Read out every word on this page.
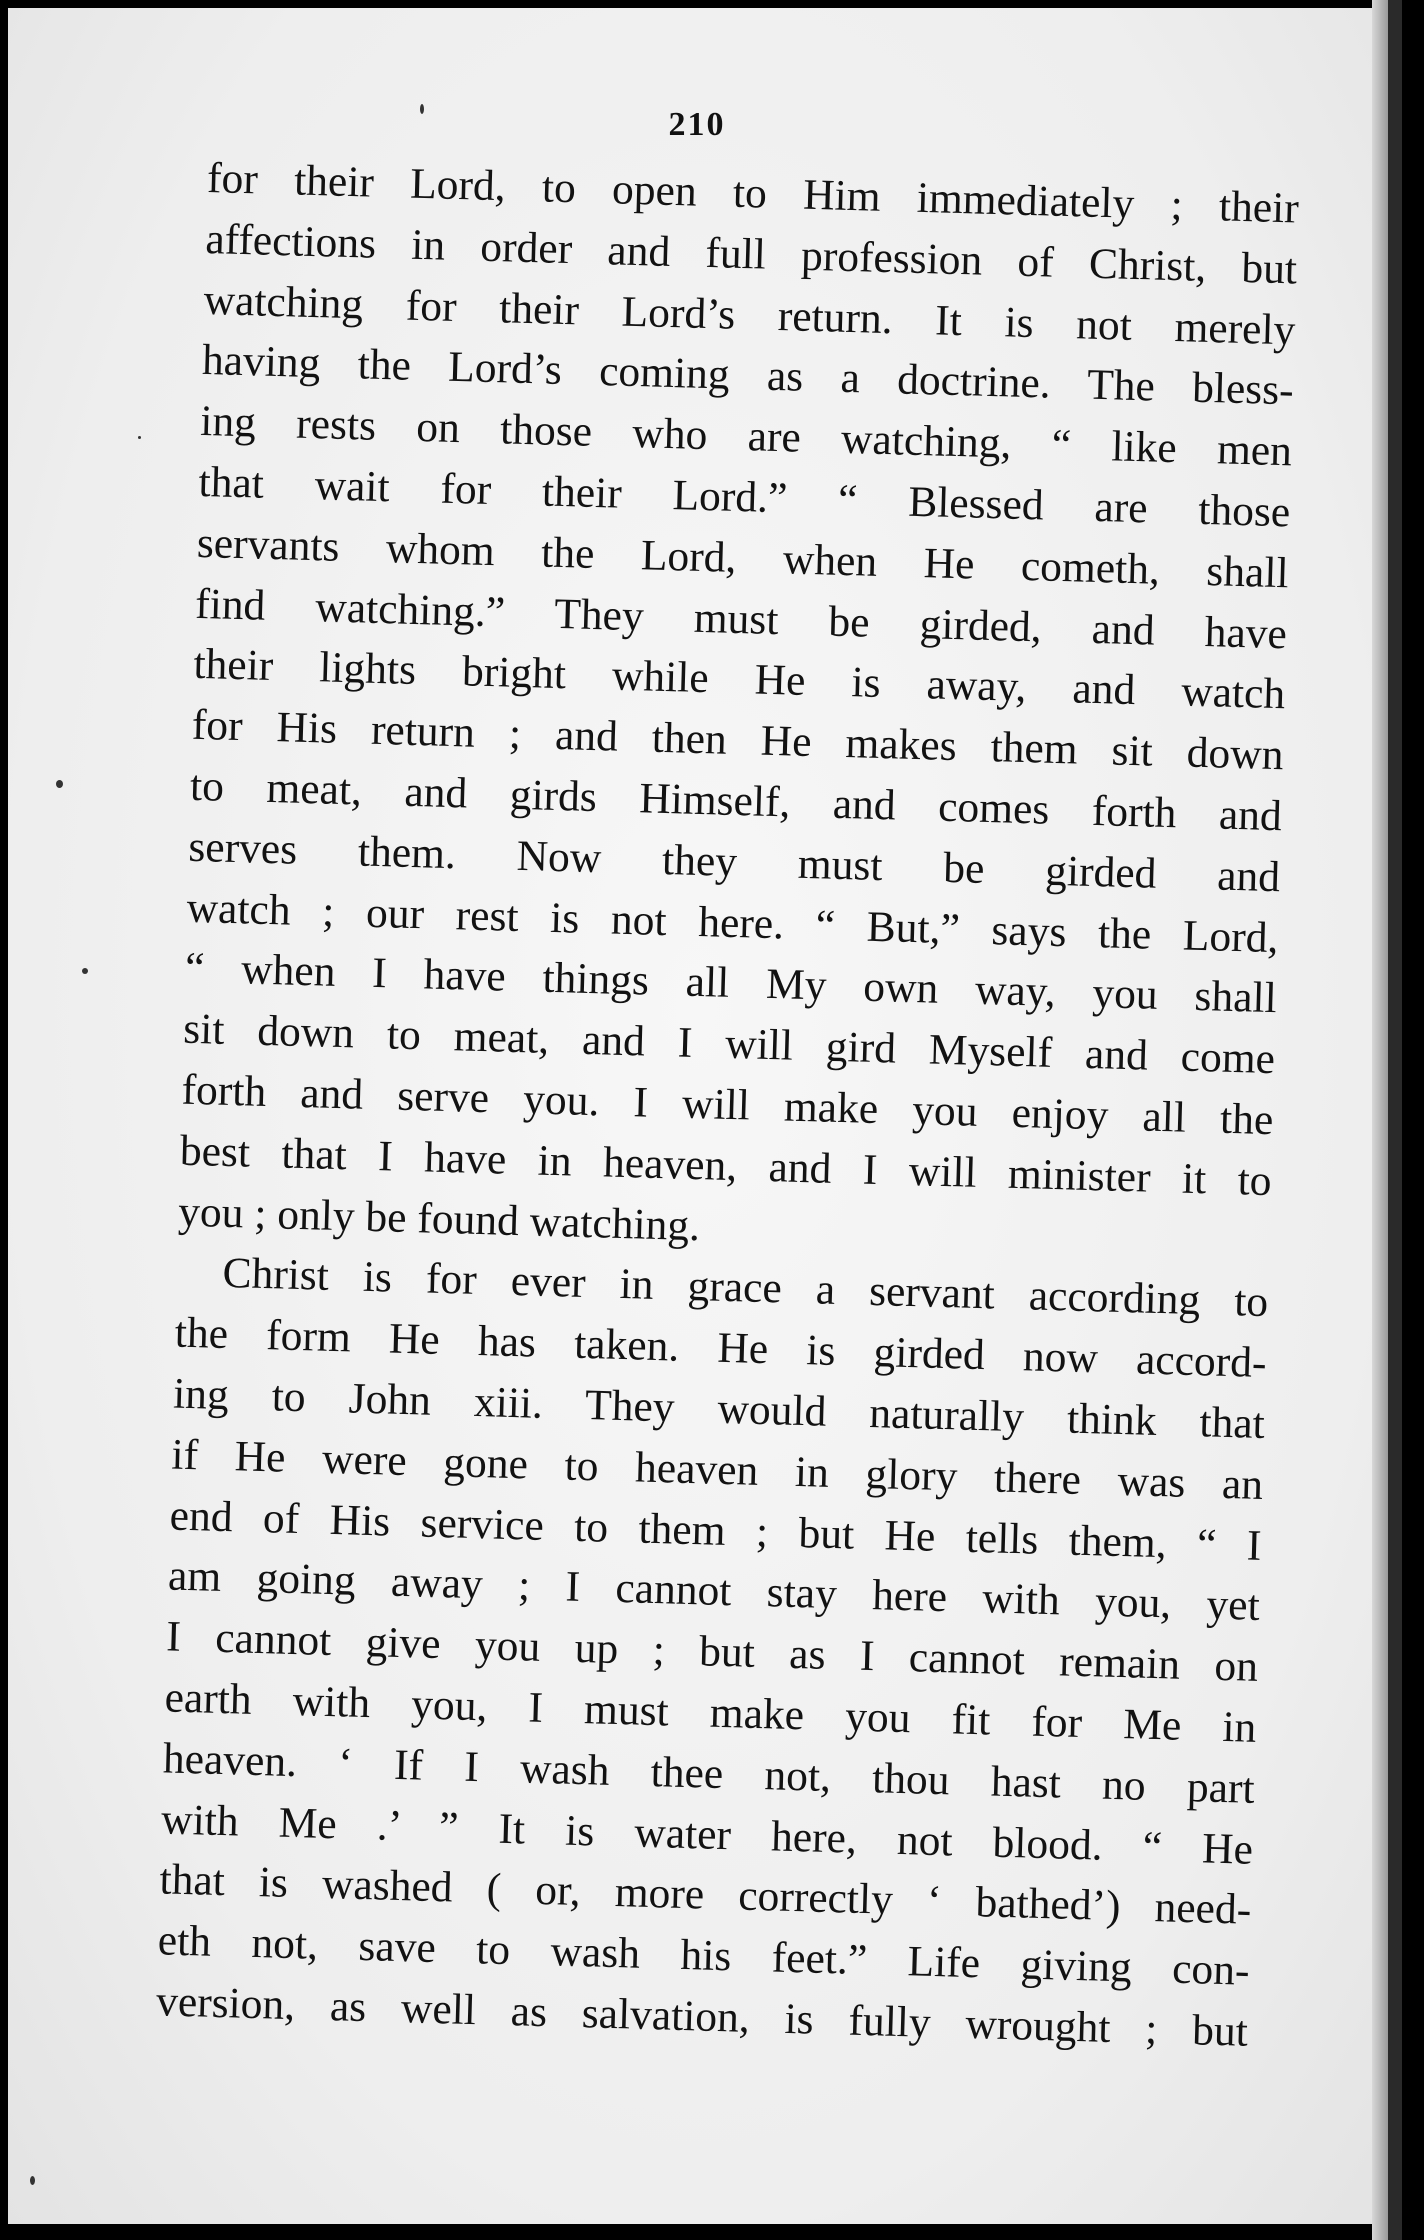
210
for their Lord, to open to Him immediately ; their
affections in order and full profession of Christ, but
watching for their Lord’s return. It is not merely
having the Lord’s coming as a doctrine. The bless-
ing rests on those who are watching, “ like men
that wait for their Lord.” “ Blessed are those
servants whom the Lord, when He cometh, shall
find watching.” They must be girded, and have
their lights bright while He is away, and watch
for His return ; and then He makes them sit down
to meat, and girds Himself, and comes forth and
serves them. Now they must be girded and
watch ; our rest is not here. “ But,” says the Lord,
“ when I have things all My own way, you shall
sit down to meat, and I will gird Myself and come
forth and serve you. I will make you enjoy all the
best that I have in heaven, and I will minister it to
you ; only be found watching.
Christ is for ever in grace a servant according to
the form He has taken. He is girded now accord-
ing to John xiii. They would naturally think that
if He were gone to heaven in glory there was an
end of His service to them ; but He tells them, “ I
am going away ; I cannot stay here with you, yet
I cannot give you up ; but as I cannot remain on
earth with you, I must make you fit for Me in
heaven. ‘ If I wash thee not, thou hast no part
with Me .’ ” It is water here, not blood. “ He
that is washed ( or, more correctly ‘ bathed’) need-
eth not, save to wash his feet.” Life giving con-
version, as well as salvation, is fully wrought ; but
